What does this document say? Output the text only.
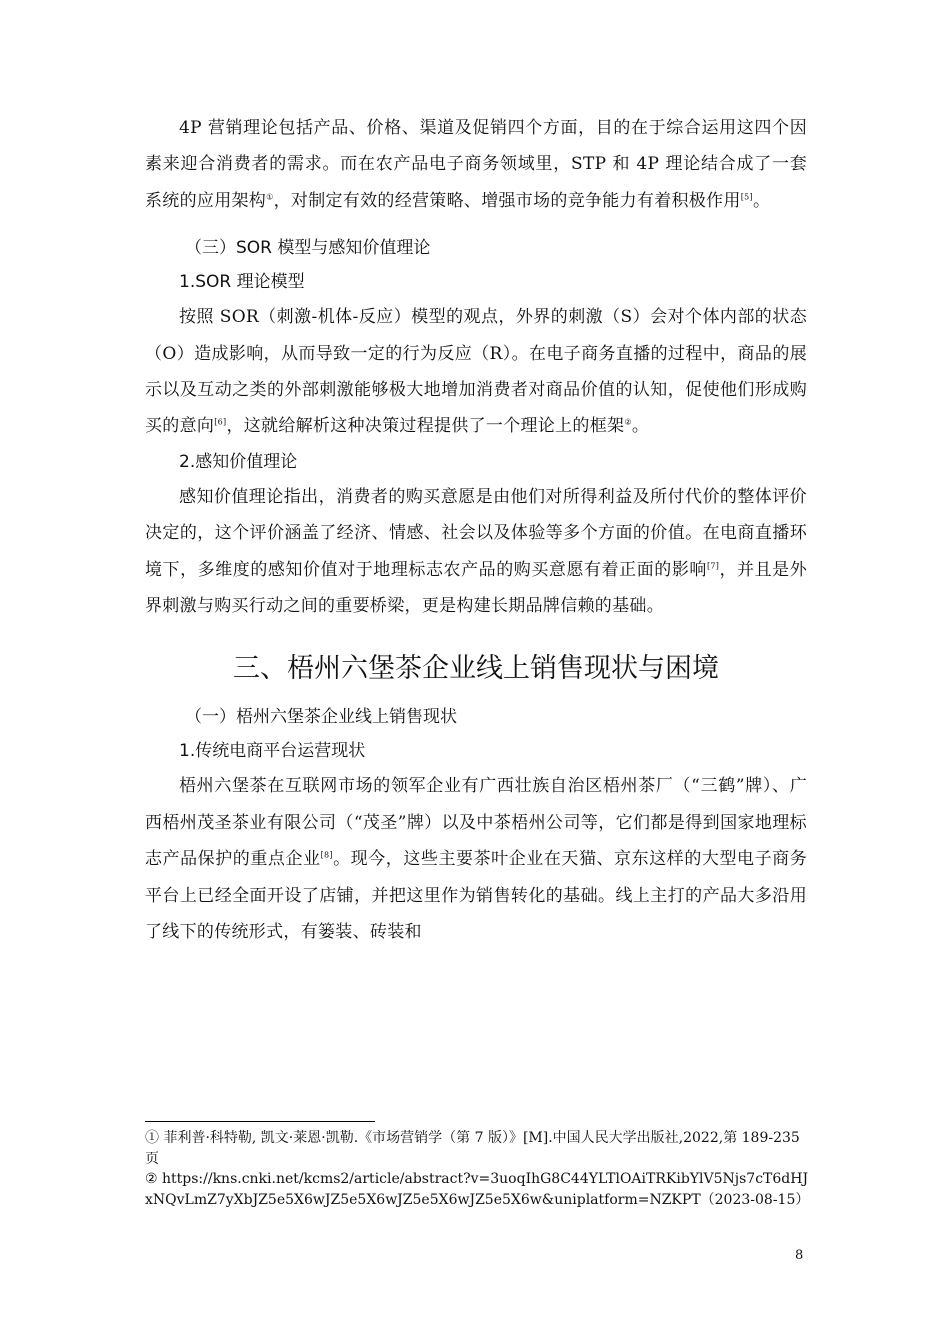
4P 营销理论包括产品、价格、渠道及促销四个方面，目的在于综合运用这四个因素来迎合消费者的需求。而在农产品电子商务领域里，STP 和 4P 理论结合成了一套系统的应用架构①，对制定有效的经营策略、增强市场的竞争能力有着积极作用[5]。

（三）SOR 模型与感知价值理论
1.SOR 理论模型

按照 SOR（刺激-机体-反应）模型的观点，外界的刺激（S）会对个体内部的状态（O）造成影响，从而导致一定的行为反应（R）。在电子商务直播的过程中，商品的展示以及互动之类的外部刺激能够极大地增加消费者对商品价值的认知，促使他们形成购买的意向[6]，这就给解析这种决策过程提供了一个理论上的框架②。

2.感知价值理论

感知价值理论指出，消费者的购买意愿是由他们对所得利益及所付代价的整体评价决定的，这个评价涵盖了经济、情感、社会以及体验等多个方面的价值。在电商直播环境下，多维度的感知价值对于地理标志农产品的购买意愿有着正面的影响[7]，并且是外界刺激与购买行动之间的重要桥梁，更是构建长期品牌信赖的基础。

三、梧州六堡茶企业线上销售现状与困境
（一）梧州六堡茶企业线上销售现状
1.传统电商平台运营现状

梧州六堡茶在互联网市场的领军企业有广西壮族自治区梧州茶厂（“三鹤”牌）、广西梧州茂圣茶业有限公司（“茂圣”牌）以及中茶梧州公司等，它们都是得到国家地理标志产品保护的重点企业[8]。现今，这些主要茶叶企业在天猫、京东这样的大型电子商务平台上已经全面开设了店铺，并把这里作为销售转化的基础。线上主打的产品大多沿用了线下的传统形式，有篓装、砖装和

① 菲利普·科特勒, 凯文·莱恩·凯勒.《市场营销学（第 7 版）》[M].中国人民大学出版社,2022,第 189-235 页

② https://kns.cnki.net/kcms2/article/abstract?v=3uoqIhG8C44YLTlOAiTRKibYlV5Njs7cT6dHJxNQvLmZ7yXbJZ5e5X6wJZ5e5X6wJZ5e5X6wJZ5e5X6w&uniplatform=NZKPT（2023-08-15）

8
